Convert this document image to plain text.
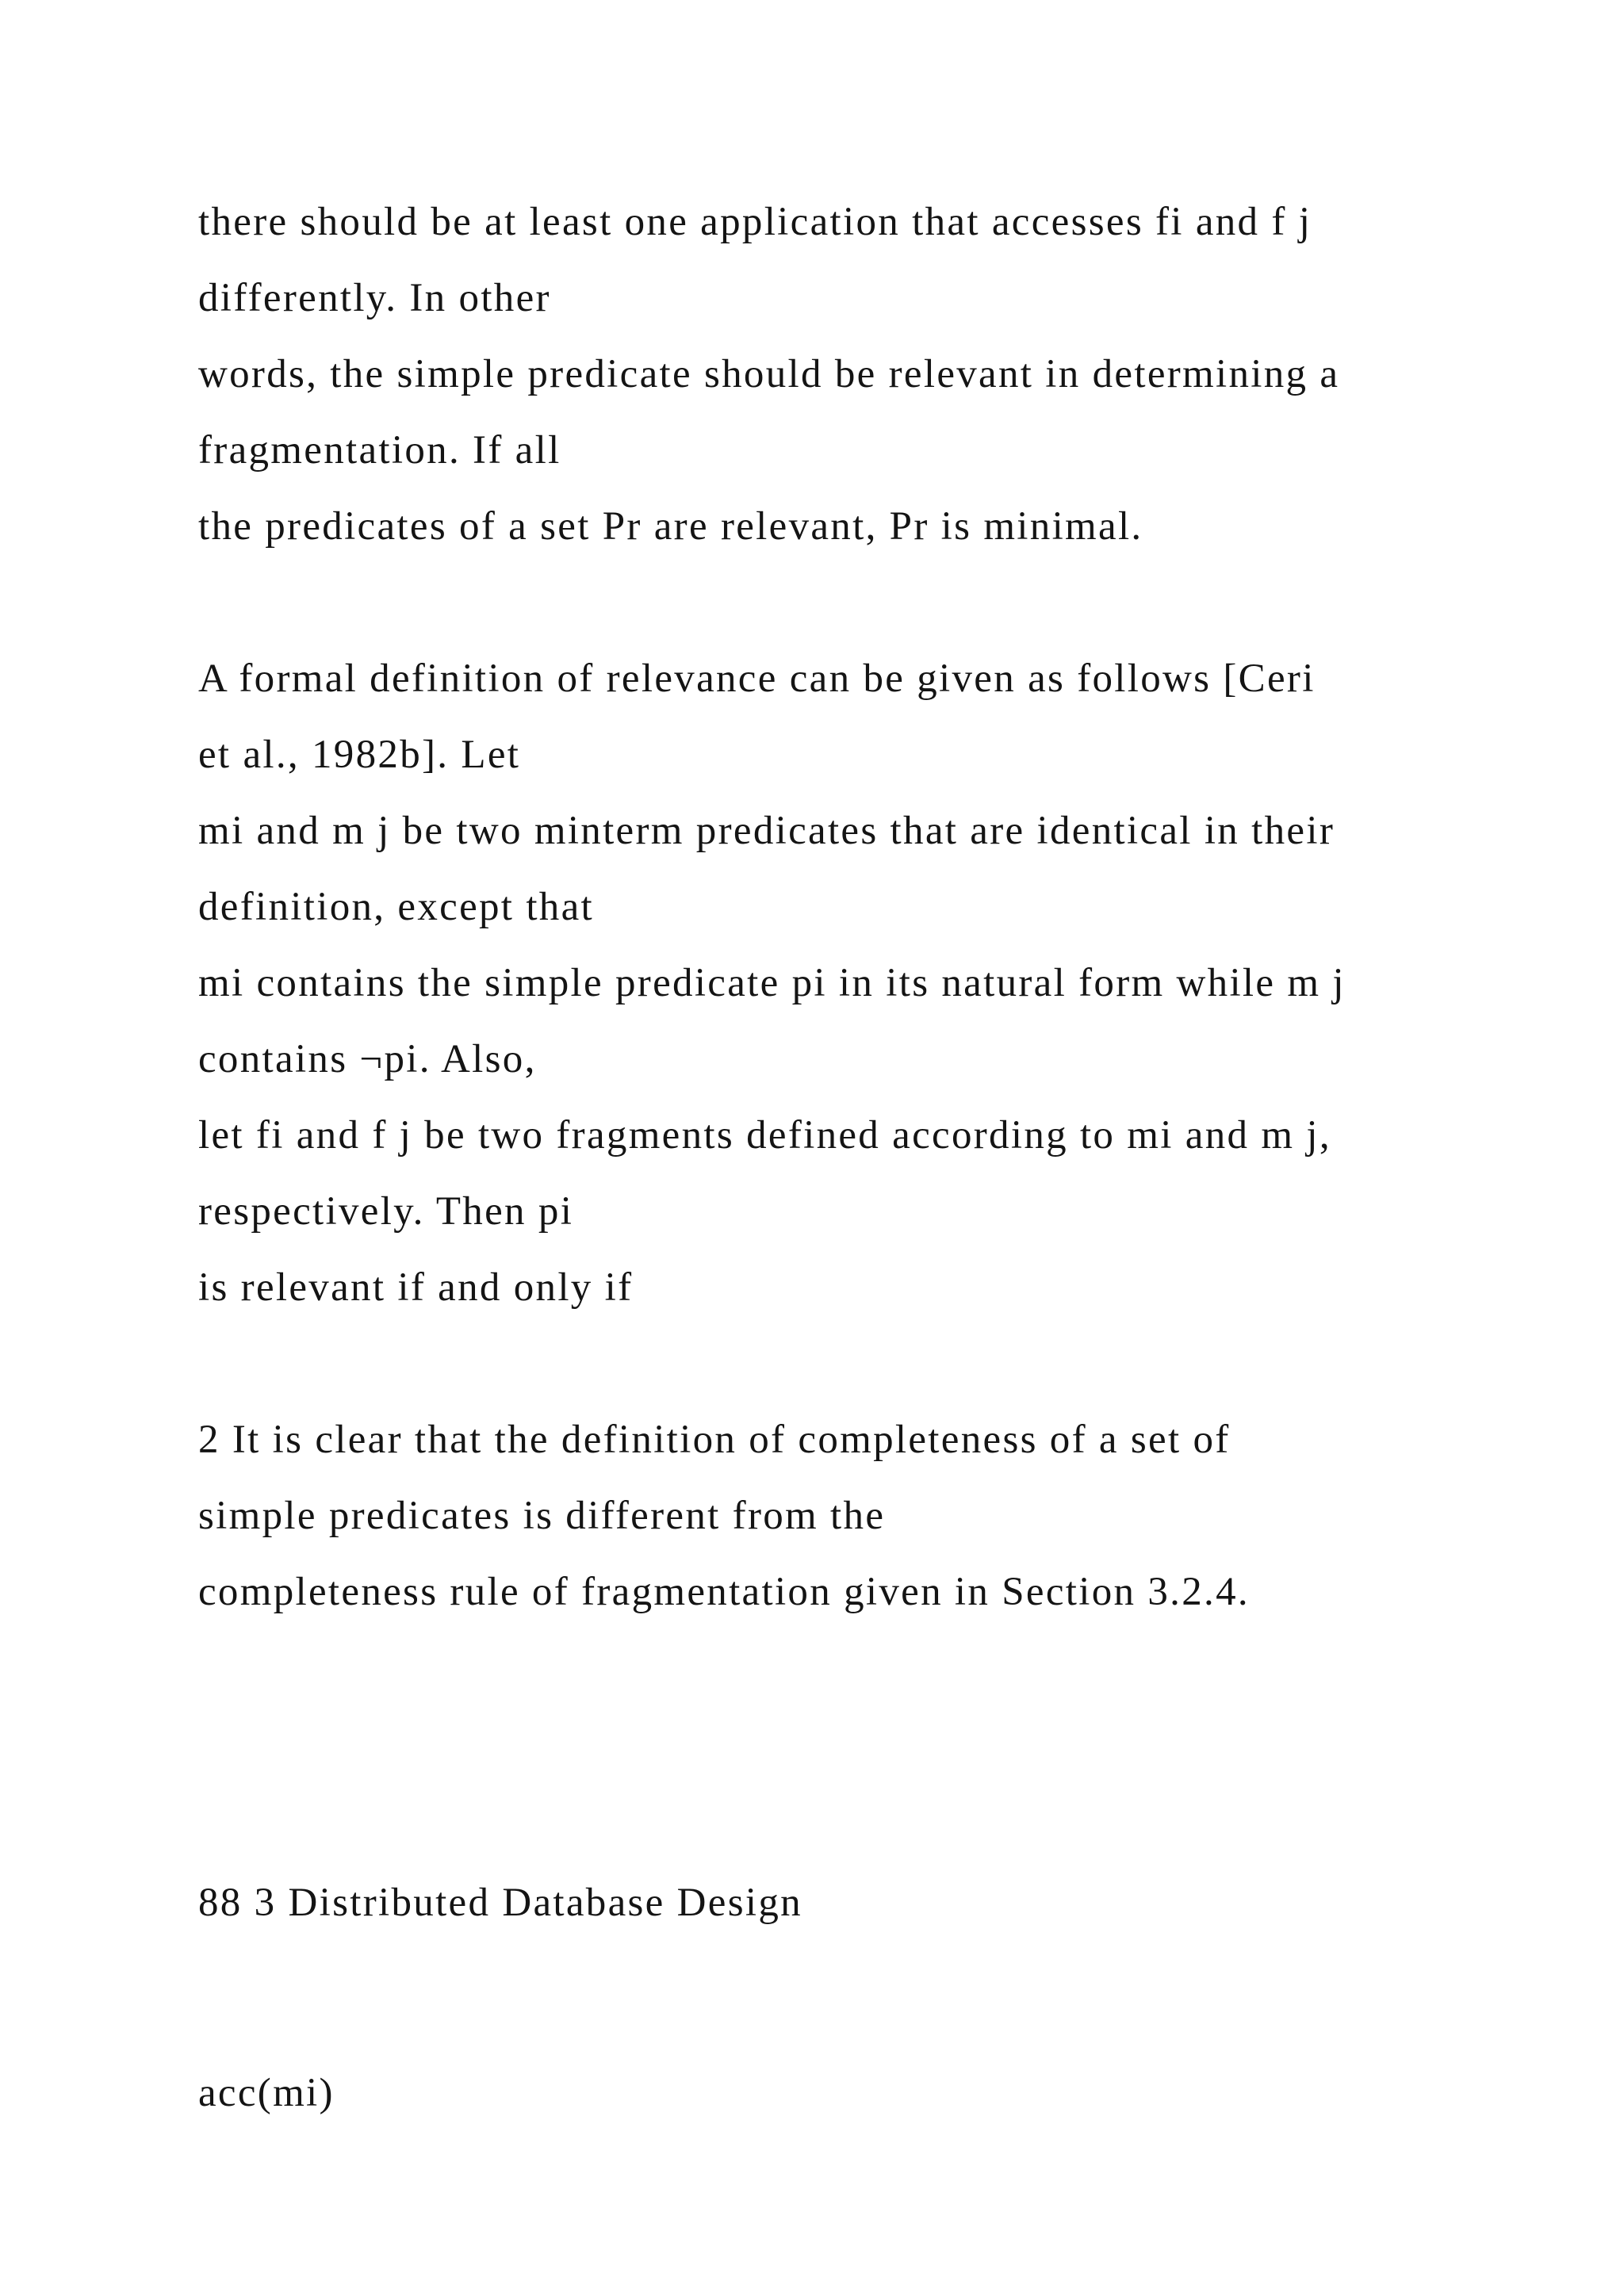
there should be at least one application that accesses fi and f j

differently. In other

words, the simple predicate should be relevant in determining a

fragmentation. If all

the predicates of a set Pr are relevant, Pr is minimal.

A formal definition of relevance can be given as follows [Ceri

et al., 1982b]. Let

mi and m j be two minterm predicates that are identical in their

definition, except that

mi contains the simple predicate pi in its natural form while m j

contains ¬pi. Also,

let fi and f j be two fragments defined according to mi and m j,

respectively. Then pi

is relevant if and only if

2 It is clear that the definition of completeness of a set of

simple predicates is different from the

completeness rule of fragmentation given in Section 3.2.4.

88 3 Distributed Database Design

acc(mi)
